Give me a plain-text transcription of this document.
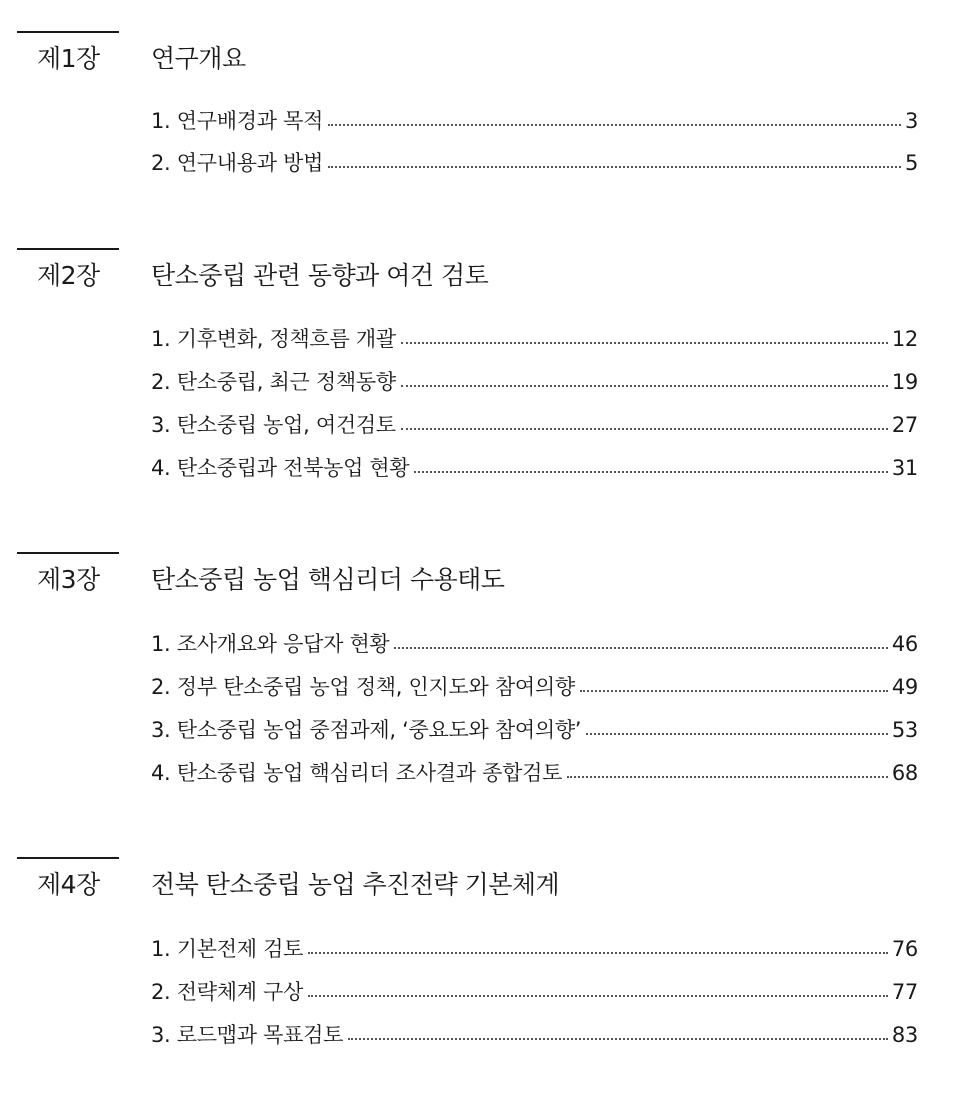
제1장 연구개요
1. 연구배경과 목적	3
2. 연구내용과 방법	5
제2장 탄소중립 관련 동향과 여건 검토
1. 기후변화, 정책흐름 개괄	12
2. 탄소중립, 최근 정책동향	19
3. 탄소중립 농업, 여건검토	27
4. 탄소중립과 전북농업 현황	31
제3장 탄소중립 농업 핵심리더 수용태도
1. 조사개요와 응답자 현황	46
2. 정부 탄소중립 농업 정책, 인지도와 참여의향	49
3. 탄소중립 농업 중점과제, ‘중요도와 참여의향’	53
4. 탄소중립 농업 핵심리더 조사결과 종합검토	68
제4장 전북 탄소중립 농업 추진전략 기본체계
1. 기본전제 검토	76
2. 전략체계 구상	77
3. 로드맵과 목표검토	83
